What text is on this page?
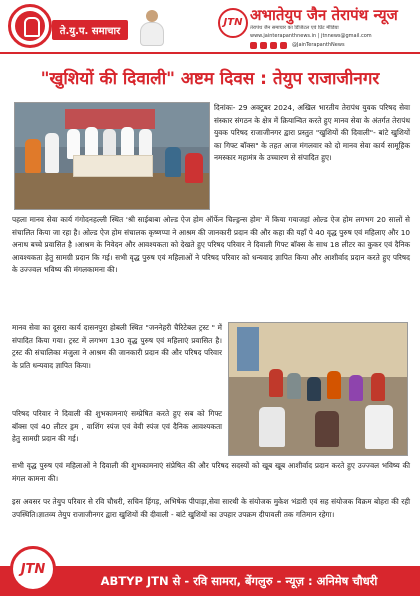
ते.यु.प. समाचार
JTN अभातेयुप जैन तेरापंथ न्यूज
तेरापंथ जैन समाचार का डिजिटल एवं प्रिंट मीडिया
www.jainterapanthnews.in | jtnnews@gmail.com
@JainTerapanthNews
"खुशियों की दिवाली" अष्टम दिवस : तेयुप राजाजीनगर
दिनांकः- 29 अक्टूबर 2024, अखिल भारतीय तेरापंथ युवक परिषद सेवा संस्कार संगठन के क्षेत्र में क्रियान्वित करते हुए मानव सेवा के अंतर्गत तेरापंथ युवक परिषद राजाजीनगर द्वारा प्रस्तुत "खुशियों की दिवाली"- बांटे खुशियों का गिफ्ट बॉक्स" के तहत आज मंगलवार को दो मानव सेवा कार्य सामूहिक नमस्कार महामंत्र के उच्चारण से संपादित हुए।
पहला मानव सेवा कार्य गंगोदनहल्ली स्थित 'श्री साईबाबा ओल्ड ऐज होम ऑर्फेन चिल्ड्रन्स होम' में किया गयाजहां ओल्ड ऐज होम लगभग 20 सालों से संचालित किया जा रहा है। ओल्ड ऐज होम संचालक कृष्णप्पा ने आश्रम की जानकारी प्रदान की और कहा की यहाँ पे 40 वृद्ध पुरुष एवं महिलाए और 10 अनाथ बच्चे प्रवासित है ।आश्रम के निवेदन और आवश्यकता को देखते हुए परिषद परिवार ने दिवाली गिफ्ट बॉक्स के साथ 18 लीटर का कुकर एवं दैनिक आवश्यकता हेतु सामग्री प्रदान कि गई। सभी वृद्ध पुरुष एवं महिलाओं ने परिषद परिवार को धन्यवाद ज्ञापित किया और आशीर्वाद प्रदान करते हुए परिषद के उज्ज्वल भविष्य की मंगलकामना की।
मानव सेवा का दूसरा कार्य दासनपुरा होबली स्थित "जननेहरी चैरिटेबल ट्रस्ट " में संपादित किया गया। ट्रस्ट में लगभग 130 वृद्ध पुरुष एवं महिलाएं प्रवासित है। ट्रस्ट की संचालिका मंजुला ने आश्रम की जानकारी प्रदान की और परिषद परिवार के प्रति धन्यवाद ज्ञापित किया।
परिषद परिवार ने दिवाली की शुभकामनाएं सम्प्रेषित करते हुए सब को गिफ्ट बॉक्स एवं 40 लीटर ड्रम , वाशिंग स्पंज एवं वेवी स्पंज एवं दैनिक आवश्यकता हेतु सामग्री प्रदान की गई।
सभी वृद्ध पुरुष एवं महिलाओं ने दिवाली की शुभकामनाएं संप्रेषित की और परिषद सदस्यों को खूब खूब आशीर्वाद प्रदान करते हुए उज्ज्वल भविष्य की मंगल कामना की।
इस अवसर पर तेयुप परिवार से रवि चौधरी, सचिन हिंगड़, अभिषेक पीपाड़ा,सेवा सारथी के संयोजक मुकेश भंडारी एवं सह संयोजक विक्रम बोहरा की रही उपस्थिति।ज्ञातव्य तेयुप राजाजीनगर द्वारा खुशियों की दीवाली - बांटे खुशियों का उपहार उपक्रम दीपावली तक गतिमान रहेगा।
JTN
ABTYP JTN से - रवि सामरा, बेंगलुरु - न्यूज़ : अनिमेष चौधरी
